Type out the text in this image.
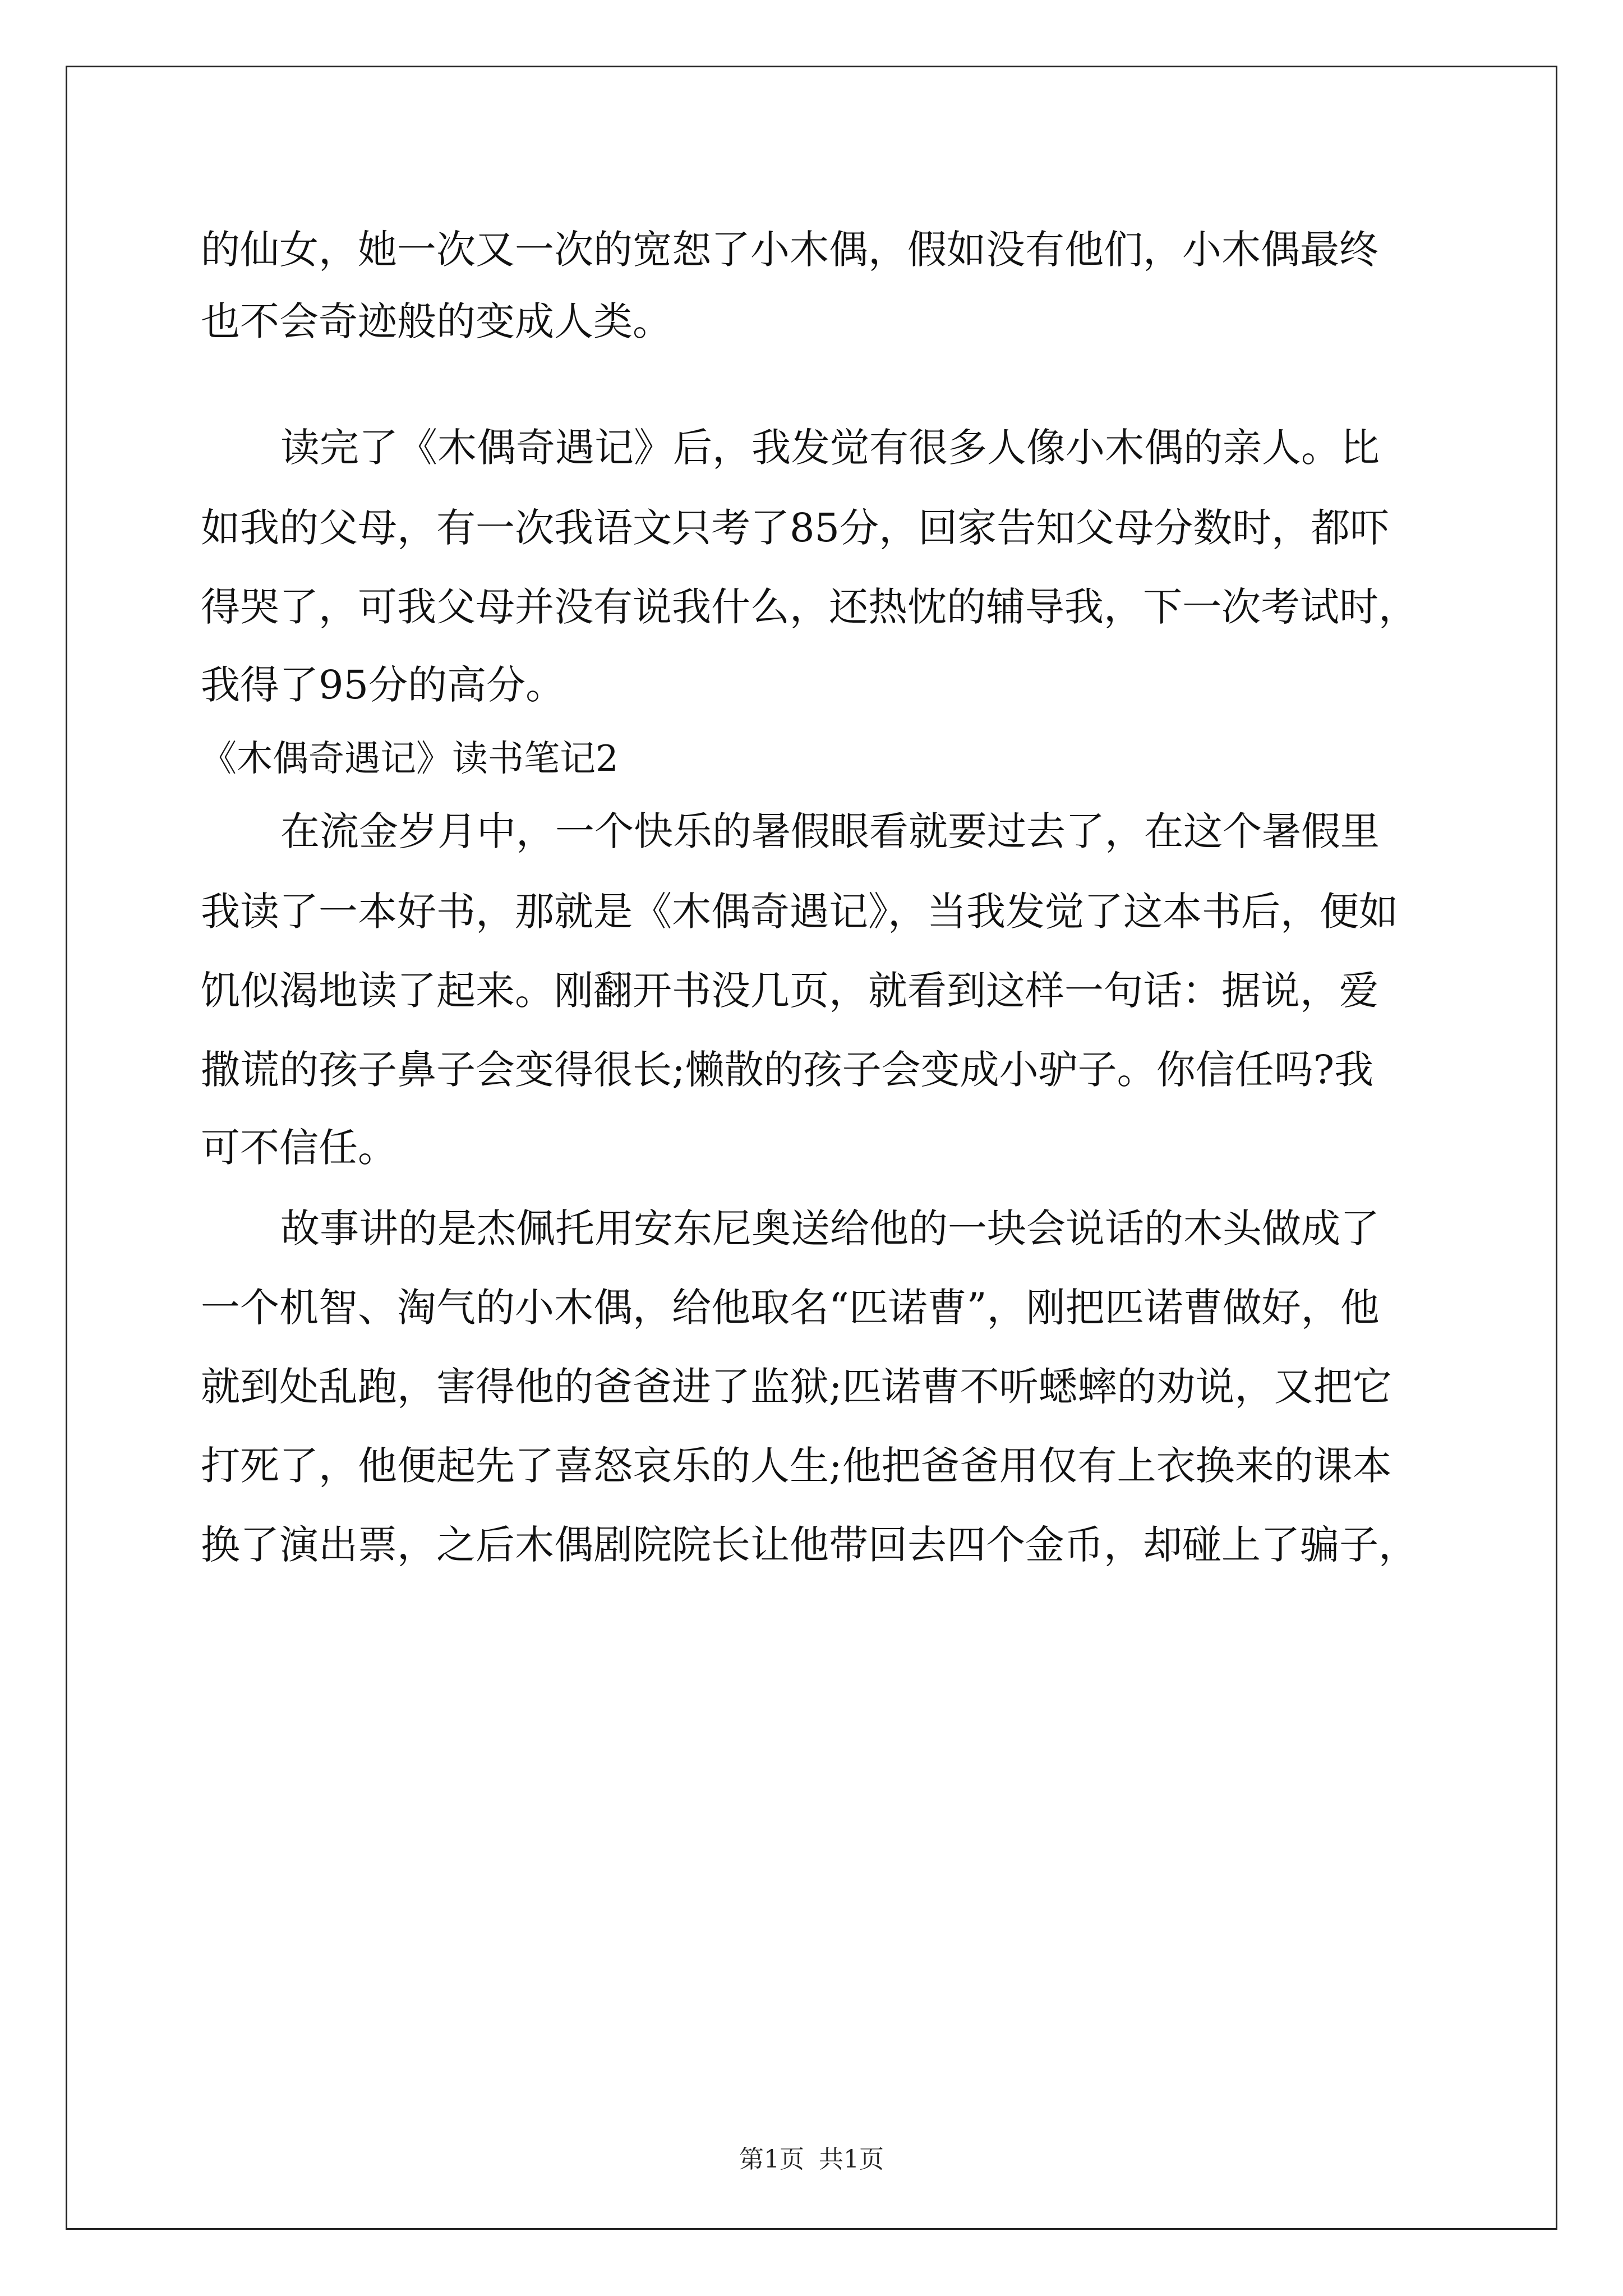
的仙女，她一次又一次的宽恕了小木偶，假如没有他们，小木偶最终
也不会奇迹般的变成人类。
读完了《木偶奇遇记》后，我发觉有很多人像小木偶的亲人。比
如我的父母，有一次我语文只考了85分，回家告知父母分数时，都吓
得哭了，可我父母并没有说我什么，还热忱的辅导我，下一次考试时，
我得了95分的高分。
《木偶奇遇记》读书笔记2
在流金岁月中，一个快乐的暑假眼看就要过去了，在这个暑假里
我读了一本好书，那就是《木偶奇遇记》，当我发觉了这本书后，便如
饥似渴地读了起来。刚翻开书没几页，就看到这样一句话：据说，爱
撒谎的孩子鼻子会变得很长;懒散的孩子会变成小驴子。你信任吗?我
可不信任。
故事讲的是杰佩托用安东尼奥送给他的一块会说话的木头做成了
一个机智、淘气的小木偶，给他取名“匹诺曹”，刚把匹诺曹做好，他
就到处乱跑，害得他的爸爸进了监狱;匹诺曹不听蟋蟀的劝说，又把它
打死了，他便起先了喜怒哀乐的人生;他把爸爸用仅有上衣换来的课本
换了演出票，之后木偶剧院院长让他带回去四个金币，却碰上了骗子，
第1页 共1页
